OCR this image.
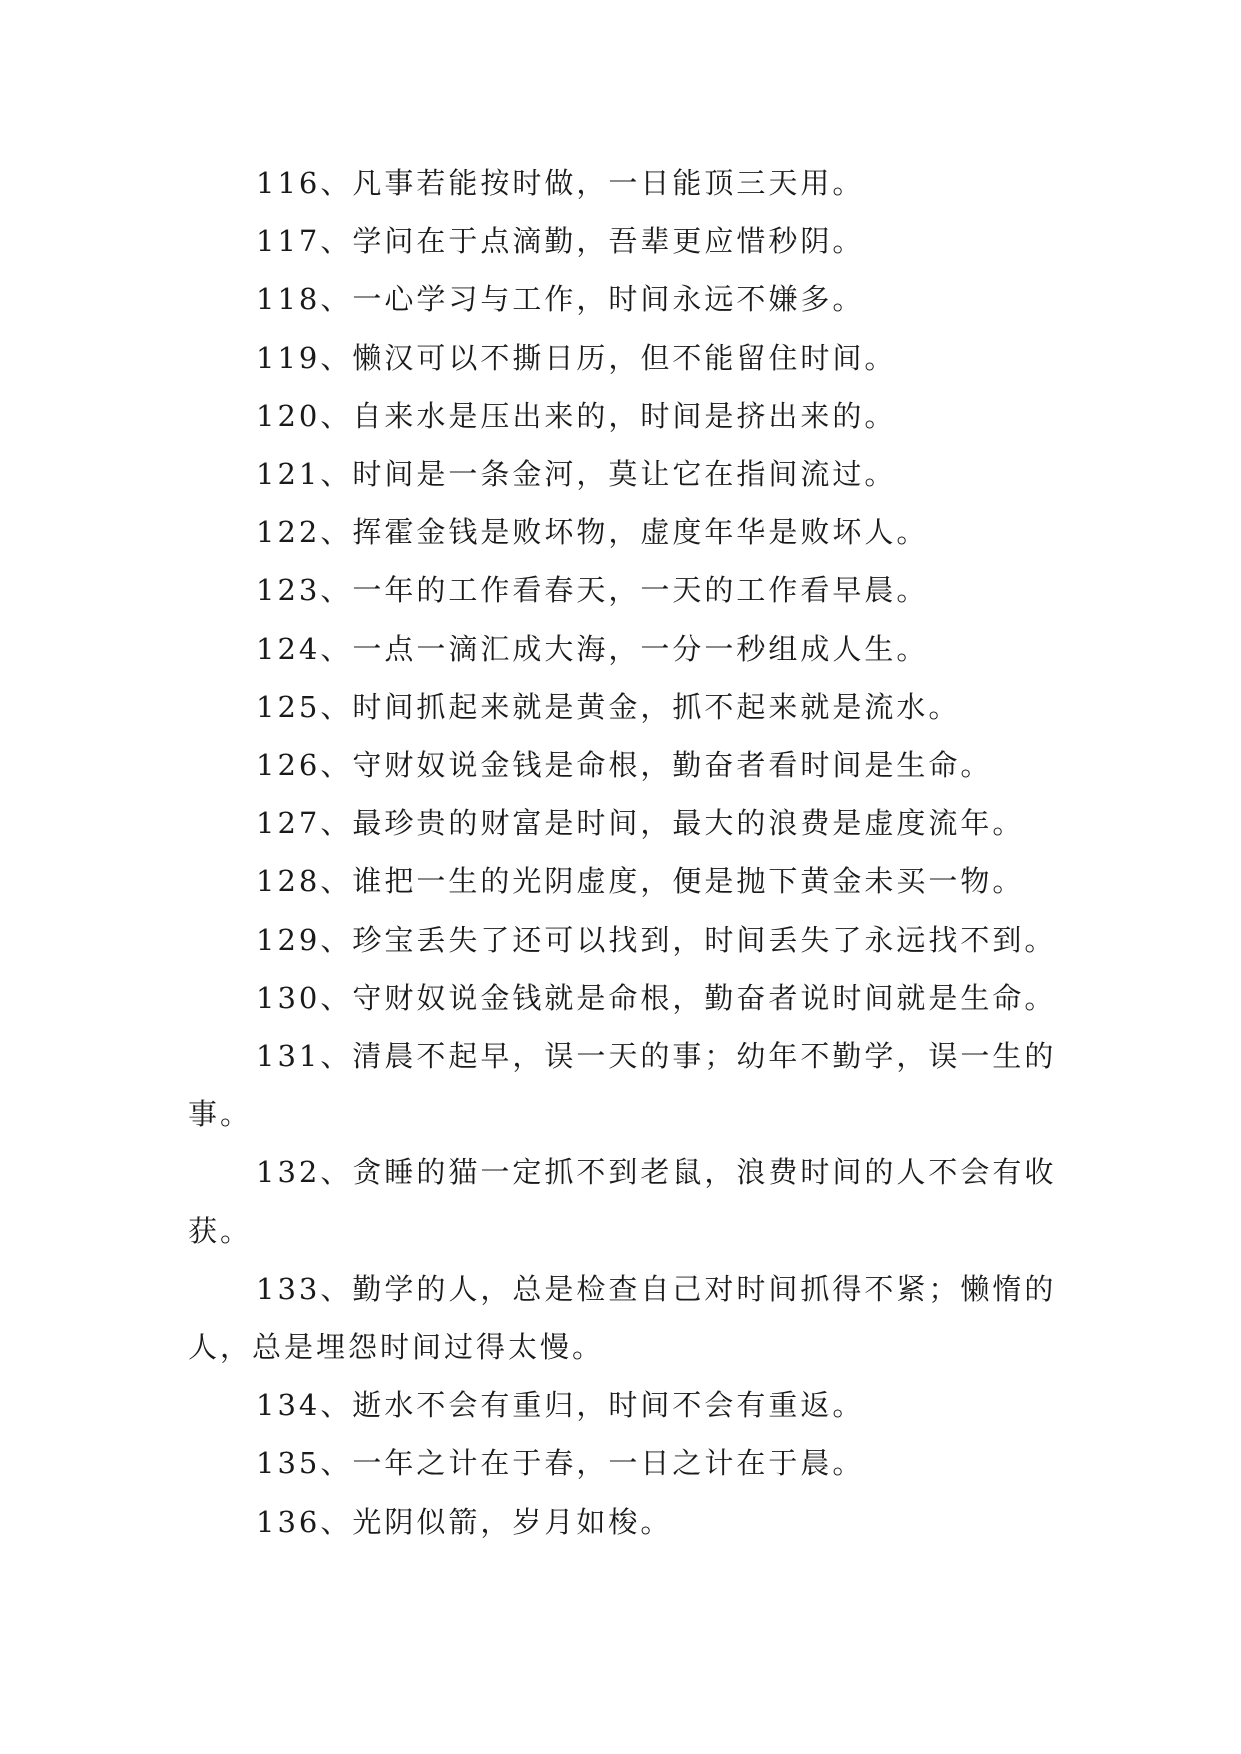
116、凡事若能按时做，一日能顶三天用。

117、学问在于点滴勤，吾辈更应惜秒阴。

118、一心学习与工作，时间永远不嫌多。

119、懒汉可以不撕日历，但不能留住时间。

120、自来水是压出来的，时间是挤出来的。

121、时间是一条金河，莫让它在指间流过。

122、挥霍金钱是败坏物，虚度年华是败坏人。

123、一年的工作看春天，一天的工作看早晨。

124、一点一滴汇成大海，一分一秒组成人生。

125、时间抓起来就是黄金，抓不起来就是流水。

126、守财奴说金钱是命根，勤奋者看时间是生命。

127、最珍贵的财富是时间，最大的浪费是虚度流年。

128、谁把一生的光阴虚度，便是抛下黄金未买一物。

129、珍宝丢失了还可以找到，时间丢失了永远找不到。

130、守财奴说金钱就是命根，勤奋者说时间就是生命。

131、清晨不起早，误一天的事；幼年不勤学，误一生的事。

132、贪睡的猫一定抓不到老鼠，浪费时间的人不会有收获。

133、勤学的人，总是检查自己对时间抓得不紧；懒惰的人，总是埋怨时间过得太慢。

134、逝水不会有重归，时间不会有重返。

135、一年之计在于春，一日之计在于晨。

136、光阴似箭，岁月如梭。
